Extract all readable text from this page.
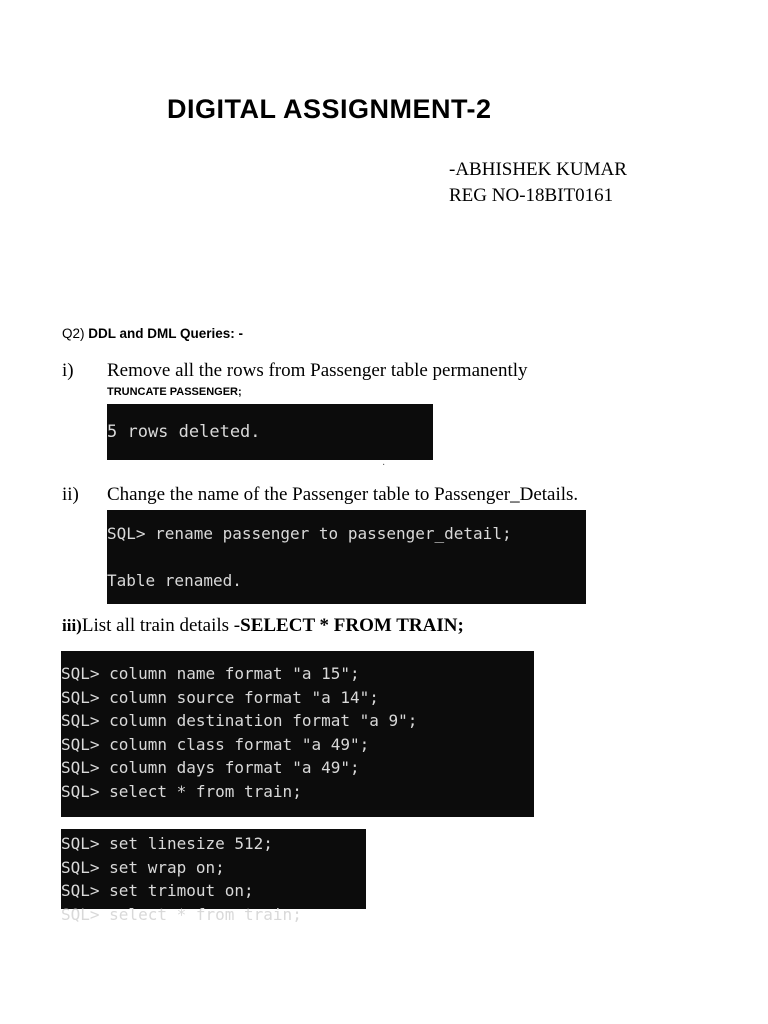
DIGITAL ASSIGNMENT-2
-ABHISHEK KUMAR
REG NO-18BIT0161
Q2) DDL and DML Queries: -
i) Remove all the rows from Passenger table permanently
TRUNCATE PASSENGER;
5 rows deleted.
·
ii) Change the name of the Passenger table to Passenger_Details.
SQL> rename passenger to passenger_detail;
Table renamed.
iii)List all train details -SELECT * FROM TRAIN;
SQL> column name format "a 15";
SQL> column source format "a 14";
SQL> column destination format "a 9";
SQL> column class format "a 49";
SQL> column days format "a 49";
SQL> select * from train;
SQL> set linesize 512;
SQL> set wrap on;
SQL> set trimout on;
SQL> select * from train;
